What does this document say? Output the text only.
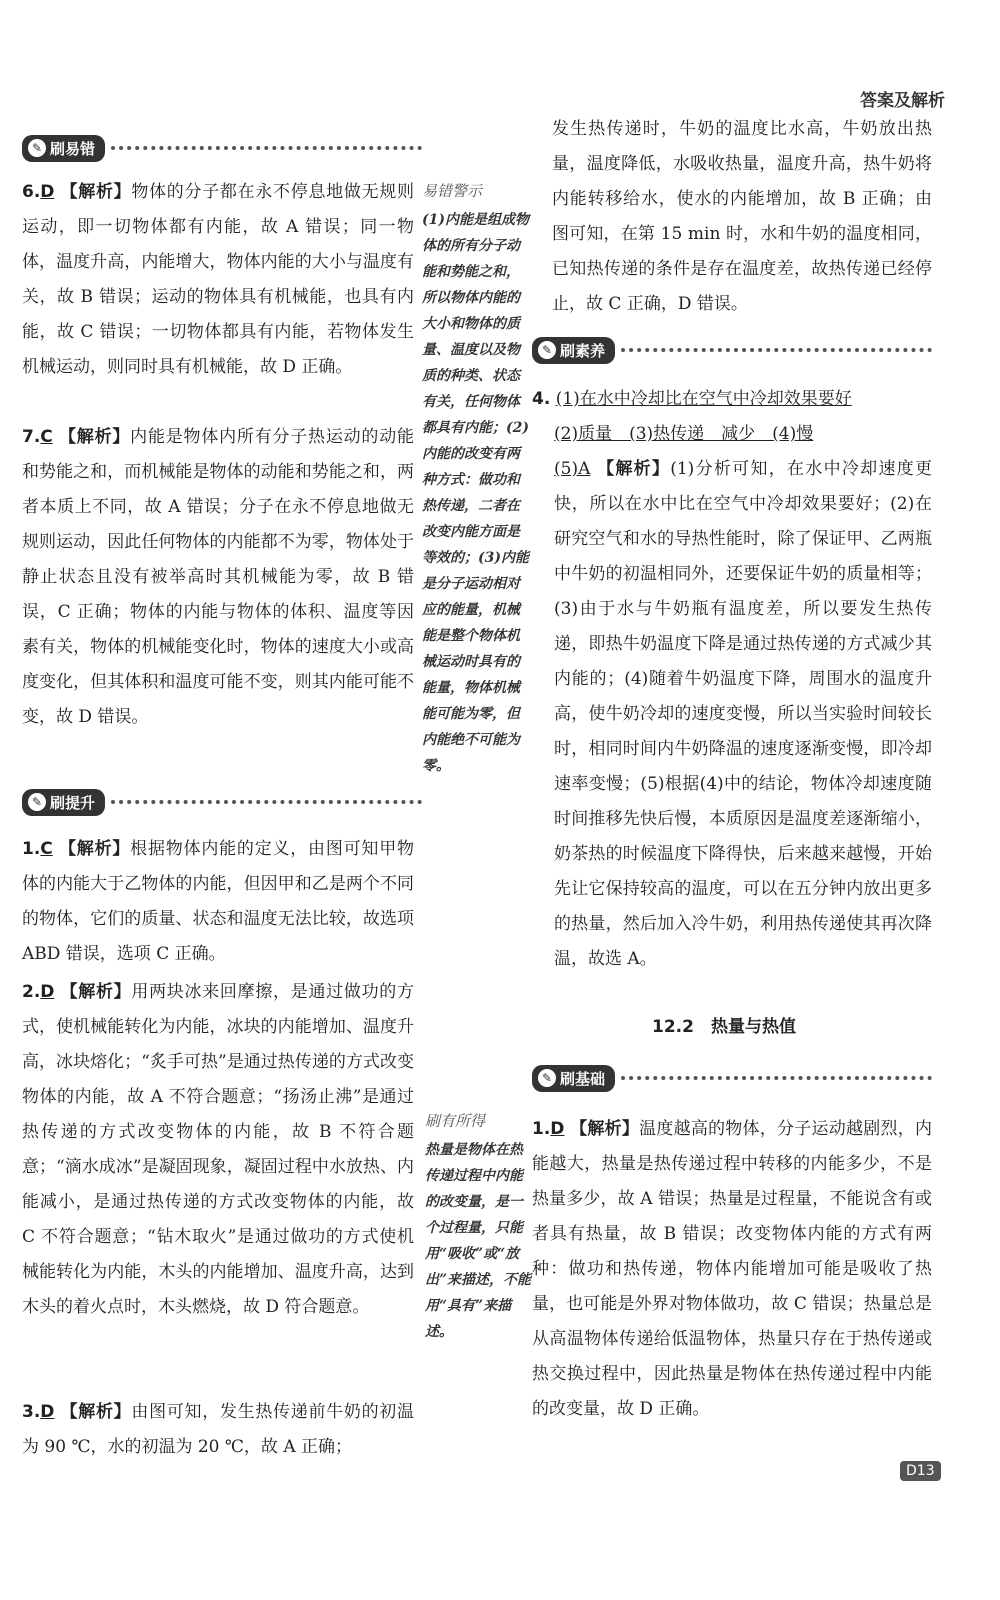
答案及解析
✎ 刷易错

6.D 【解析】物体的分子都在永不停息地做无规则运动，即一切物体都有内能，故 A 错误；同一物体，温度升高，内能增大，物体内能的大小与温度有关，故 B 错误；运动的物体具有机械能，也具有内能，故 C 错误；一切物体都具有内能，若物体发生机械运动，则同时具有机械能，故 D 正确。

7.C 【解析】内能是物体内所有分子热运动的动能和势能之和，而机械能是物体的动能和势能之和，两者本质上不同，故 A 错误；分子在永不停息地做无规则运动，因此任何物体的内能都不为零，物体处于静止状态且没有被举高时其机械能为零，故 B 错误，C 正确；物体的内能与物体的体积、温度等因素有关，物体的机械能变化时，物体的速度大小或高度变化，但其体积和温度可能不变，则其内能可能不变，故 D 错误。

✎ 刷提升

1.C 【解析】根据物体内能的定义，由图可知甲物体的内能大于乙物体的内能，但因甲和乙是两个不同的物体，它们的质量、状态和温度无法比较，故选项 ABD 错误，选项 C 正确。

2.D 【解析】用两块冰来回摩擦，是通过做功的方式，使机械能转化为内能，冰块的内能增加、温度升高，冰块熔化；“炙手可热”是通过热传递的方式改变物体的内能，故 A 不符合题意；“扬汤止沸”是通过热传递的方式改变物体的内能，故 B 不符合题意；“滴水成冰”是凝固现象，凝固过程中水放热、内能减小，是通过热传递的方式改变物体的内能，故 C 不符合题意；“钻木取火”是通过做功的方式使机械能转化为内能，木头的内能增加、温度升高，达到木头的着火点时，木头燃烧，故 D 符合题意。

3.D 【解析】由图可知，发生热传递前牛奶的初温为 90 ℃，水的初温为 20 ℃，故 A 正确；

易错警示
(1)内能是组成物体的所有分子动能和势能之和，所以物体内能的大小和物体的质量、温度以及物质的种类、状态有关，任何物体都具有内能；(2)内能的改变有两种方式：做功和热传递，二者在改变内能方面是等效的；(3)内能是分子运动相对应的能量，机械能是整个物体机械运动时具有的能量，物体机械能可能为零，但内能绝不可能为零。
刷有所得
热量是物体在热传递过程中内能的改变量，是一个过程量，只能用“吸收”或“放出”来描述，不能用“具有”来描述。

发生热传递时，牛奶的温度比水高，牛奶放出热量，温度降低，水吸收热量，温度升高，热牛奶将内能转移给水，使水的内能增加，故 B 正确；由图可知，在第 15 min 时，水和牛奶的温度相同，已知热传递的条件是存在温度差，故热传递已经停止，故 C 正确，D 错误。

✎ 刷素养

4. (1)在水中冷却比在空气中冷却效果要好

(2)质量　(3)热传递　减少　(4)慢

(5)A 【解析】(1)分析可知，在水中冷却速度更快，所以在水中比在空气中冷却效果要好；(2)在研究空气和水的导热性能时，除了保证甲、乙两瓶中牛奶的初温相同外，还要保证牛奶的质量相等；(3)由于水与牛奶瓶有温度差，所以要发生热传递，即热牛奶温度下降是通过热传递的方式减少其内能的；(4)随着牛奶温度下降，周围水的温度升高，使牛奶冷却的速度变慢，所以当实验时间较长时，相同时间内牛奶降温的速度逐渐变慢，即冷却速率变慢；(5)根据(4)中的结论，物体冷却速度随时间推移先快后慢，本质原因是温度差逐渐缩小，奶茶热的时候温度下降得快，后来越来越慢，开始先让它保持较高的温度，可以在五分钟内放出更多的热量，然后加入冷牛奶，利用热传递使其再次降温，故选 A。

12.2　热量与热值
✎ 刷基础

1.D 【解析】温度越高的物体，分子运动越剧烈，内能越大，热量是热传递过程中转移的内能多少，不是热量多少，故 A 错误；热量是过程量，不能说含有或者具有热量，故 B 错误；改变物体内能的方式有两种：做功和热传递，物体内能增加可能是吸收了热量，也可能是外界对物体做功，故 C 错误；热量总是从高温物体传递给低温物体，热量只存在于热传递或热交换过程中，因此热量是物体在热传递过程中内能的改变量，故 D 正确。

D13
